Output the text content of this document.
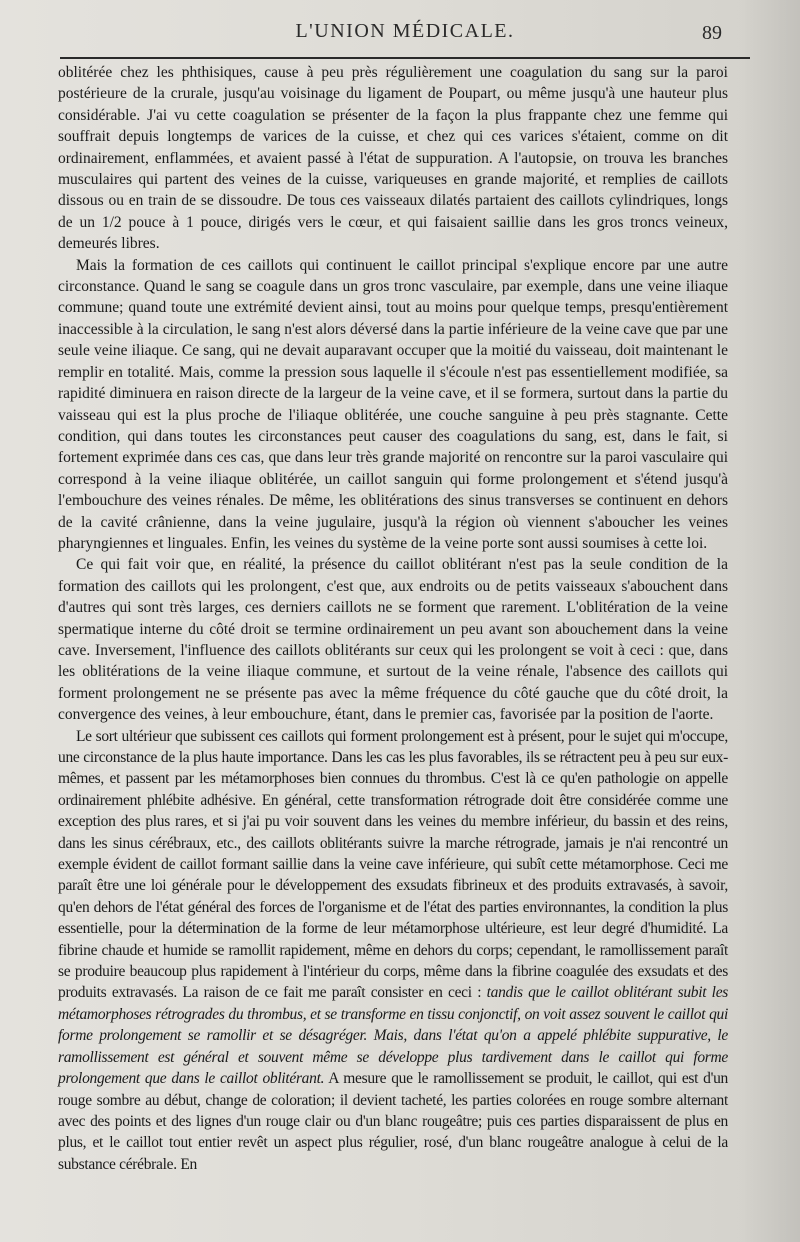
L'UNION MÉDICALE.	89

oblitérée chez les phthisiques, cause à peu près régulièrement une coagulation du sang sur la paroi postérieure de la crurale, jusqu'au voisinage du ligament de Poupart, ou même jusqu'à une hauteur plus considérable. J'ai vu cette coagulation se présenter de la façon la plus frappante chez une femme qui souffrait depuis longtemps de varices de la cuisse, et chez qui ces varices s'étaient, comme on dit ordinairement, enflammées, et avaient passé à l'état de suppuration. A l'autopsie, on trouva les branches musculaires qui partent des veines de la cuisse, variqueuses en grande majorité, et remplies de caillots dissous ou en train de se dissoudre. De tous ces vaisseaux dilatés partaient des caillots cylindriques, longs de un 1/2 pouce à 1 pouce, dirigés vers le cœur, et qui faisaient saillie dans les gros troncs veineux, demeurés libres.

Mais la formation de ces caillots qui continuent le caillot principal s'explique encore par une autre circonstance. Quand le sang se coagule dans un gros tronc vasculaire, par exemple, dans une veine iliaque commune; quand toute une extrémité devient ainsi, tout au moins pour quelque temps, presqu'entièrement inaccessible à la circulation, le sang n'est alors déversé dans la partie inférieure de la veine cave que par une seule veine iliaque. Ce sang, qui ne devait auparavant occuper que la moitié du vaisseau, doit maintenant le remplir en totalité. Mais, comme la pression sous laquelle il s'écoule n'est pas essentiellement modifiée, sa rapidité diminuera en raison directe de la largeur de la veine cave, et il se formera, surtout dans la partie du vaisseau qui est la plus proche de l'iliaque oblitérée, une couche sanguine à peu près stagnante. Cette condition, qui dans toutes les circonstances peut causer des coagulations du sang, est, dans le fait, si fortement exprimée dans ces cas, que dans leur très grande majorité on rencontre sur la paroi vasculaire qui correspond à la veine iliaque oblitérée, un caillot sanguin qui forme prolongement et s'étend jusqu'à l'embouchure des veines rénales. De même, les oblitérations des sinus transverses se continuent en dehors de la cavité crânienne, dans la veine jugulaire, jusqu'à la région où viennent s'aboucher les veines pharyngiennes et linguales. Enfin, les veines du système de la veine porte sont aussi soumises à cette loi.

Ce qui fait voir que, en réalité, la présence du caillot oblitérant n'est pas la seule condition de la formation des caillots qui les prolongent, c'est que, aux endroits ou de petits vaisseaux s'abouchent dans d'autres qui sont très larges, ces derniers caillots ne se forment que rarement. L'oblitération de la veine spermatique interne du côté droit se termine ordinairement un peu avant son abouchement dans la veine cave. Inversement, l'influence des caillots oblitérants sur ceux qui les prolongent se voit à ceci : que, dans les oblitérations de la veine iliaque commune, et surtout de la veine rénale, l'absence des caillots qui forment prolongement ne se présente pas avec la même fréquence du côté gauche que du côté droit, la convergence des veines, à leur embouchure, étant, dans le premier cas, favorisée par la position de l'aorte.

Le sort ultérieur que subissent ces caillots qui forment prolongement est à présent, pour le sujet qui m'occupe, une circonstance de la plus haute importance. Dans les cas les plus favorables, ils se rétractent peu à peu sur eux-mêmes, et passent par les métamorphoses bien connues du thrombus. C'est là ce qu'en pathologie on appelle ordinairement phlébite adhésive. En général, cette transformation rétrograde doit être considérée comme une exception des plus rares, et si j'ai pu voir souvent dans les veines du membre inférieur, du bassin et des reins, dans les sinus cérébraux, etc., des caillots oblitérants suivre la marche rétrograde, jamais je n'ai rencontré un exemple évident de caillot formant saillie dans la veine cave inférieure, qui subît cette métamorphose. Ceci me paraît être une loi générale pour le développement des exsudats fibrineux et des produits extravasés, à savoir, qu'en dehors de l'état général des forces de l'organisme et de l'état des parties environnantes, la condition la plus essentielle, pour la détermination de la forme de leur métamorphose ultérieure, est leur degré d'humidité. La fibrine chaude et humide se ramollit rapidement, même en dehors du corps; cependant, le ramollissement paraît se produire beaucoup plus rapidement à l'intérieur du corps, même dans la fibrine coagulée des exsudats et des produits extravasés. La raison de ce fait me paraît consister en ceci : tandis que le caillot oblitérant subit les métamorphoses rétrogrades du thrombus, et se transforme en tissu conjonctif, on voit assez souvent le caillot qui forme prolongement se ramollir et se désagréger. Mais, dans l'état qu'on a appelé phlébite suppurative, le ramollissement est général et souvent même se développe plus tardivement dans le caillot qui forme prolongement que dans le caillot oblitérant. A mesure que le ramollissement se produit, le caillot, qui est d'un rouge sombre au début, change de coloration; il devient tacheté, les parties colorées en rouge sombre alternant avec des points et des lignes d'un rouge clair ou d'un blanc rougeâtre; puis ces parties disparaissent de plus en plus, et le caillot tout entier revêt un aspect plus régulier, rosé, d'un blanc rougeâtre analogue à celui de la substance cérébrale. En
